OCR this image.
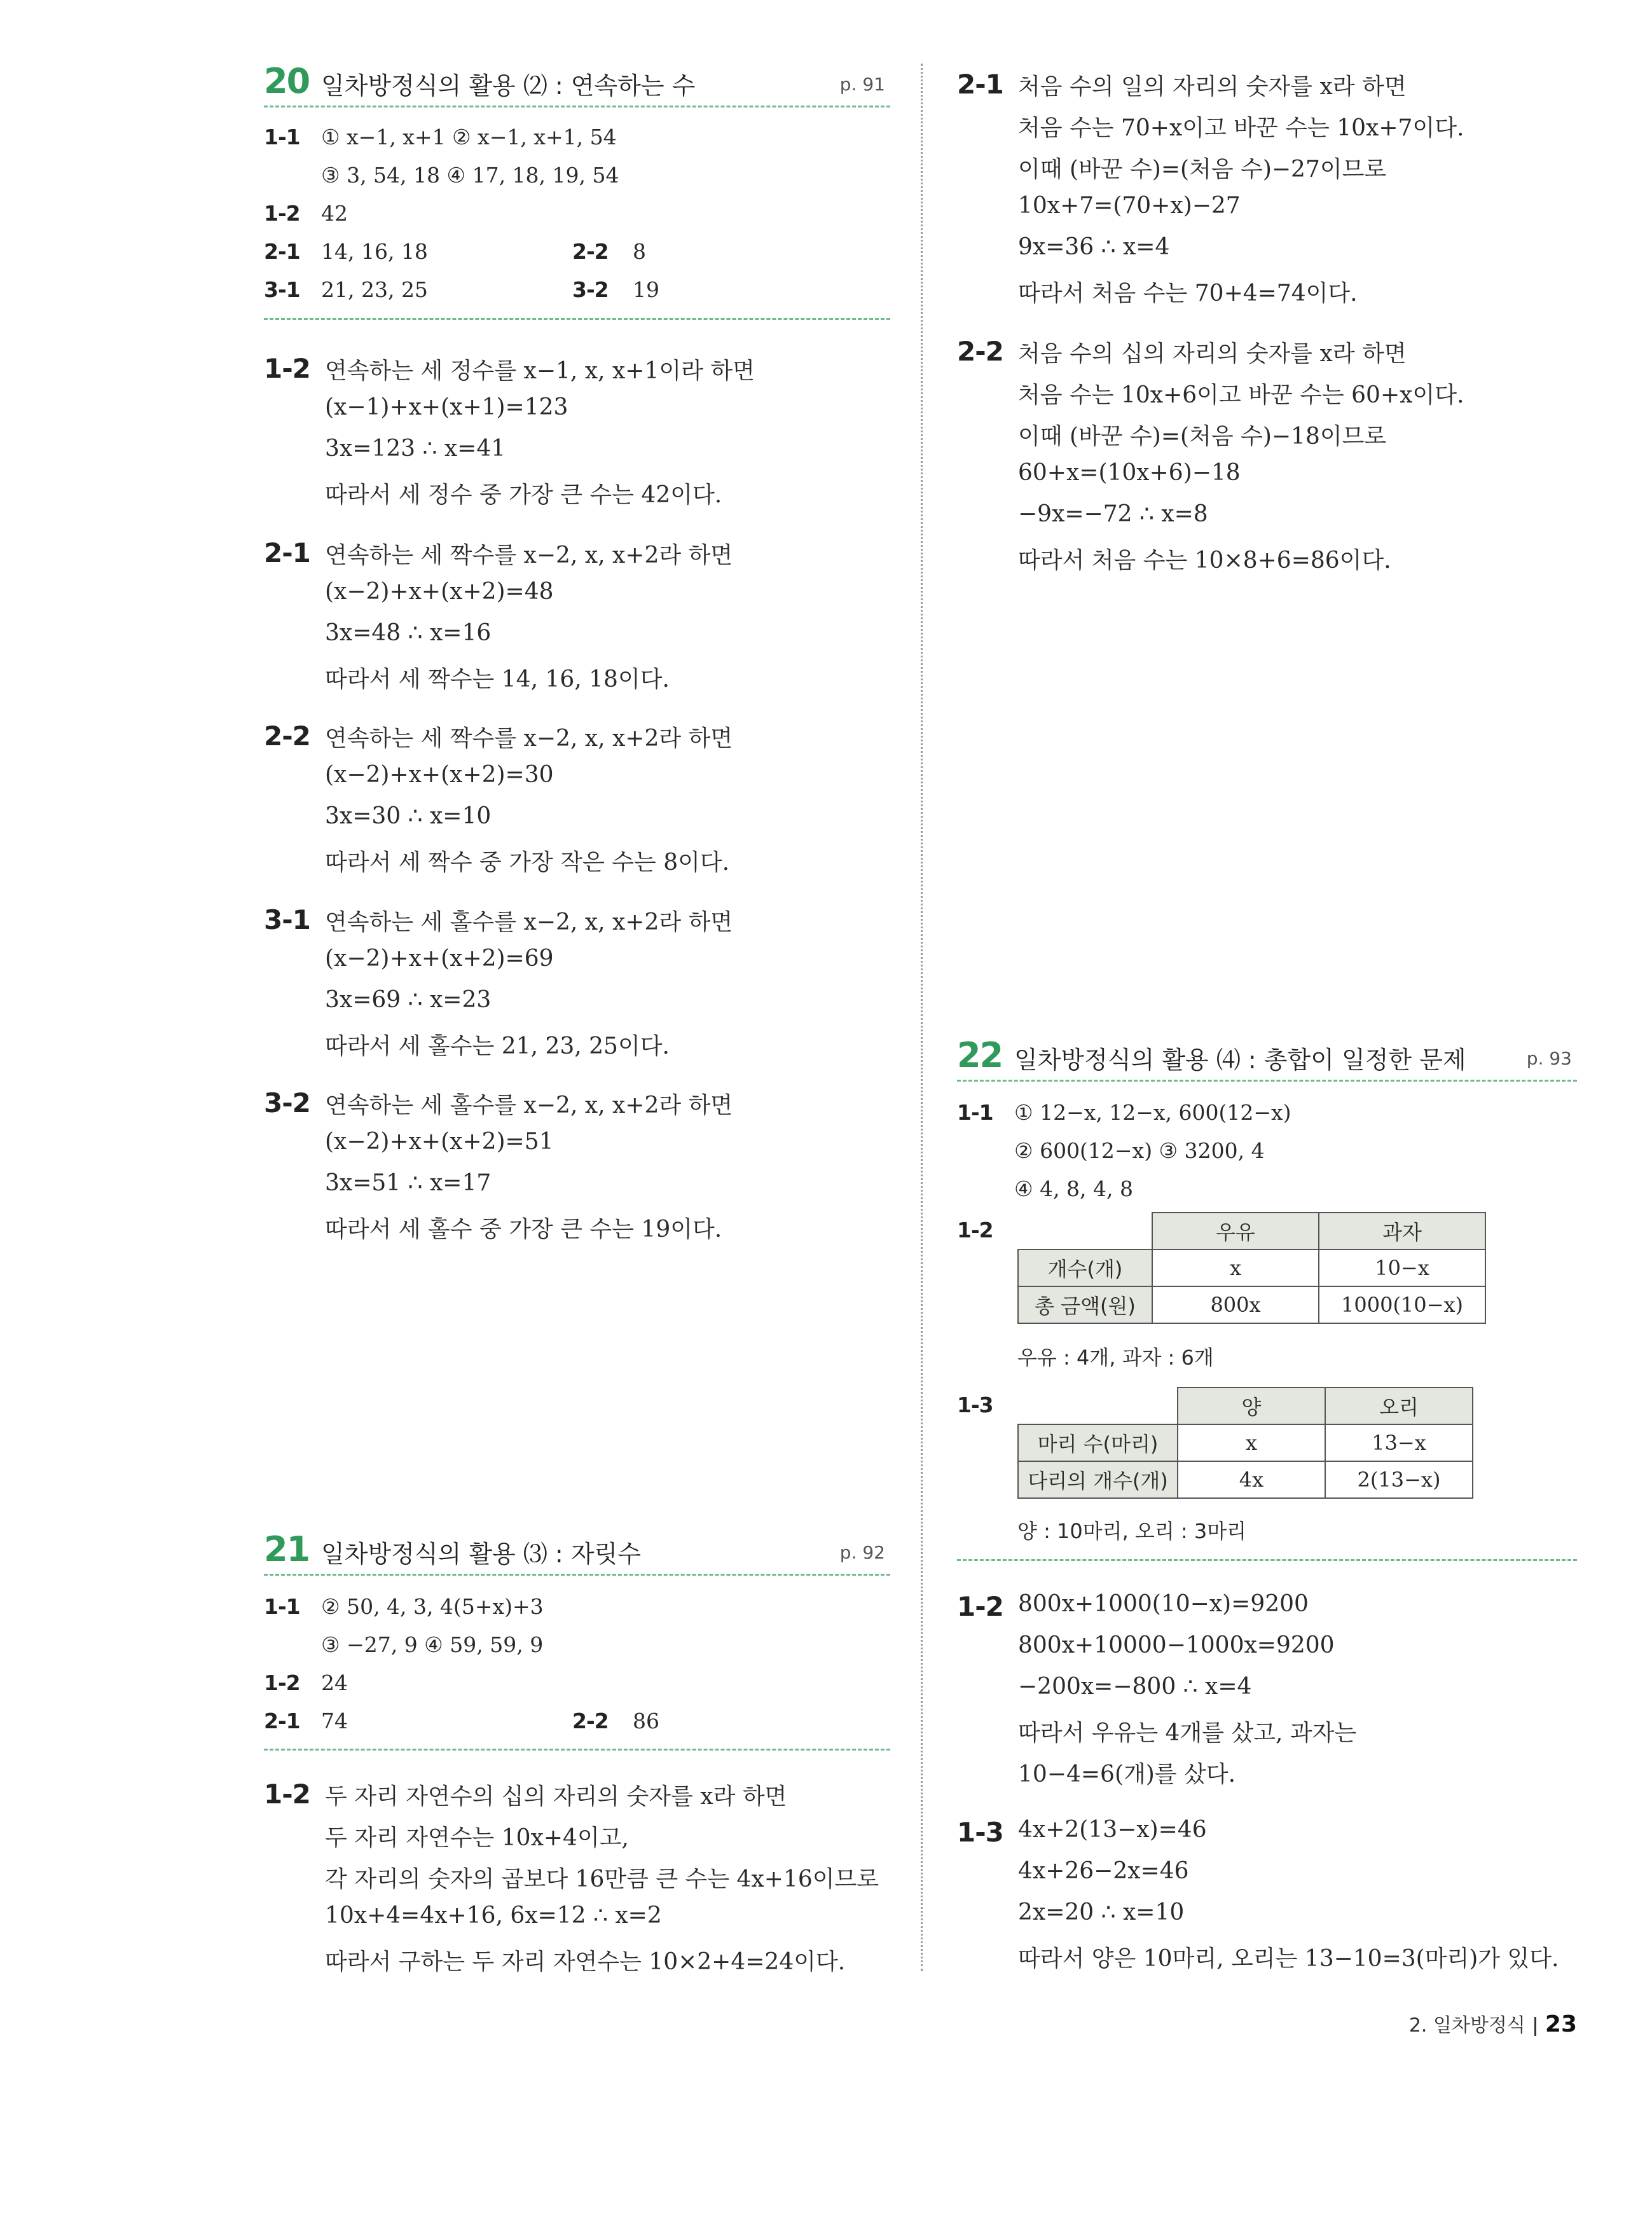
20 일차방정식의 활용 ⑵ : 연속하는 수	p. 91
1-1 ① x−1, x+1 ② x−1, x+1, 54
③ 3, 54, 18 ④ 17, 18, 19, 54
1-2 42
2-1 14, 16, 18	2-2 8
3-1 21, 23, 25	3-2 19
1-2 연속하는 세 정수를 x−1, x, x+1이라 하면
(x−1)+x+(x+1)=123
3x=123 ∴ x=41
따라서 세 정수 중 가장 큰 수는 42이다.
2-1 연속하는 세 짝수를 x−2, x, x+2라 하면
(x−2)+x+(x+2)=48
3x=48 ∴ x=16
따라서 세 짝수는 14, 16, 18이다.
2-2 연속하는 세 짝수를 x−2, x, x+2라 하면
(x−2)+x+(x+2)=30
3x=30 ∴ x=10
따라서 세 짝수 중 가장 작은 수는 8이다.
3-1 연속하는 세 홀수를 x−2, x, x+2라 하면
(x−2)+x+(x+2)=69
3x=69 ∴ x=23
따라서 세 홀수는 21, 23, 25이다.
3-2 연속하는 세 홀수를 x−2, x, x+2라 하면
(x−2)+x+(x+2)=51
3x=51 ∴ x=17
따라서 세 홀수 중 가장 큰 수는 19이다.
21 일차방정식의 활용 ⑶ : 자릿수	p. 92
1-1 ② 50, 4, 3, 4(5+x)+3
③ −27, 9 ④ 59, 59, 9
1-2 24
2-1 74	2-2 86
1-2 두 자리 자연수의 십의 자리의 숫자를 x라 하면
두 자리 자연수는 10x+4이고,
각 자리의 숫자의 곱보다 16만큼 큰 수는 4x+16이므로
10x+4=4x+16, 6x=12 ∴ x=2
따라서 구하는 두 자리 자연수는 10×2+4=24이다.
2-1 처음 수의 일의 자리의 숫자를 x라 하면
처음 수는 70+x이고 바꾼 수는 10x+7이다.
이때 (바꾼 수)=(처음 수)−27이므로
10x+7=(70+x)−27
9x=36 ∴ x=4
따라서 처음 수는 70+4=74이다.
2-2 처음 수의 십의 자리의 숫자를 x라 하면
처음 수는 10x+6이고 바꾼 수는 60+x이다.
이때 (바꾼 수)=(처음 수)−18이므로
60+x=(10x+6)−18
−9x=−72 ∴ x=8
따라서 처음 수는 10×8+6=86이다.
22 일차방정식의 활용 ⑷ : 총합이 일정한 문제	p. 93
1-1 ① 12−x, 12−x, 600(12−x)
② 600(12−x) ③ 3200, 4
④ 4, 8, 4, 8
1-2
1-3
	우유	과자
개수(개)	x	10−x
총 금액(원)	800x	1000(10−x)
우유 : 4개, 과자 : 6개
	양	오리
마리 수(마리)	x	13−x
다리의 개수(개)	4x	2(13−x)
양 : 10마리, 오리 : 3마리
1-2 800x+1000(10−x)=9200
800x+10000−1000x=9200
−200x=−800 ∴ x=4
따라서 우유는 4개를 샀고, 과자는
10−4=6(개)를 샀다.
1-3 4x+2(13−x)=46
4x+26−2x=46
2x=20 ∴ x=10
따라서 양은 10마리, 오리는 13−10=3(마리)가 있다.
2. 일차방정식 23
